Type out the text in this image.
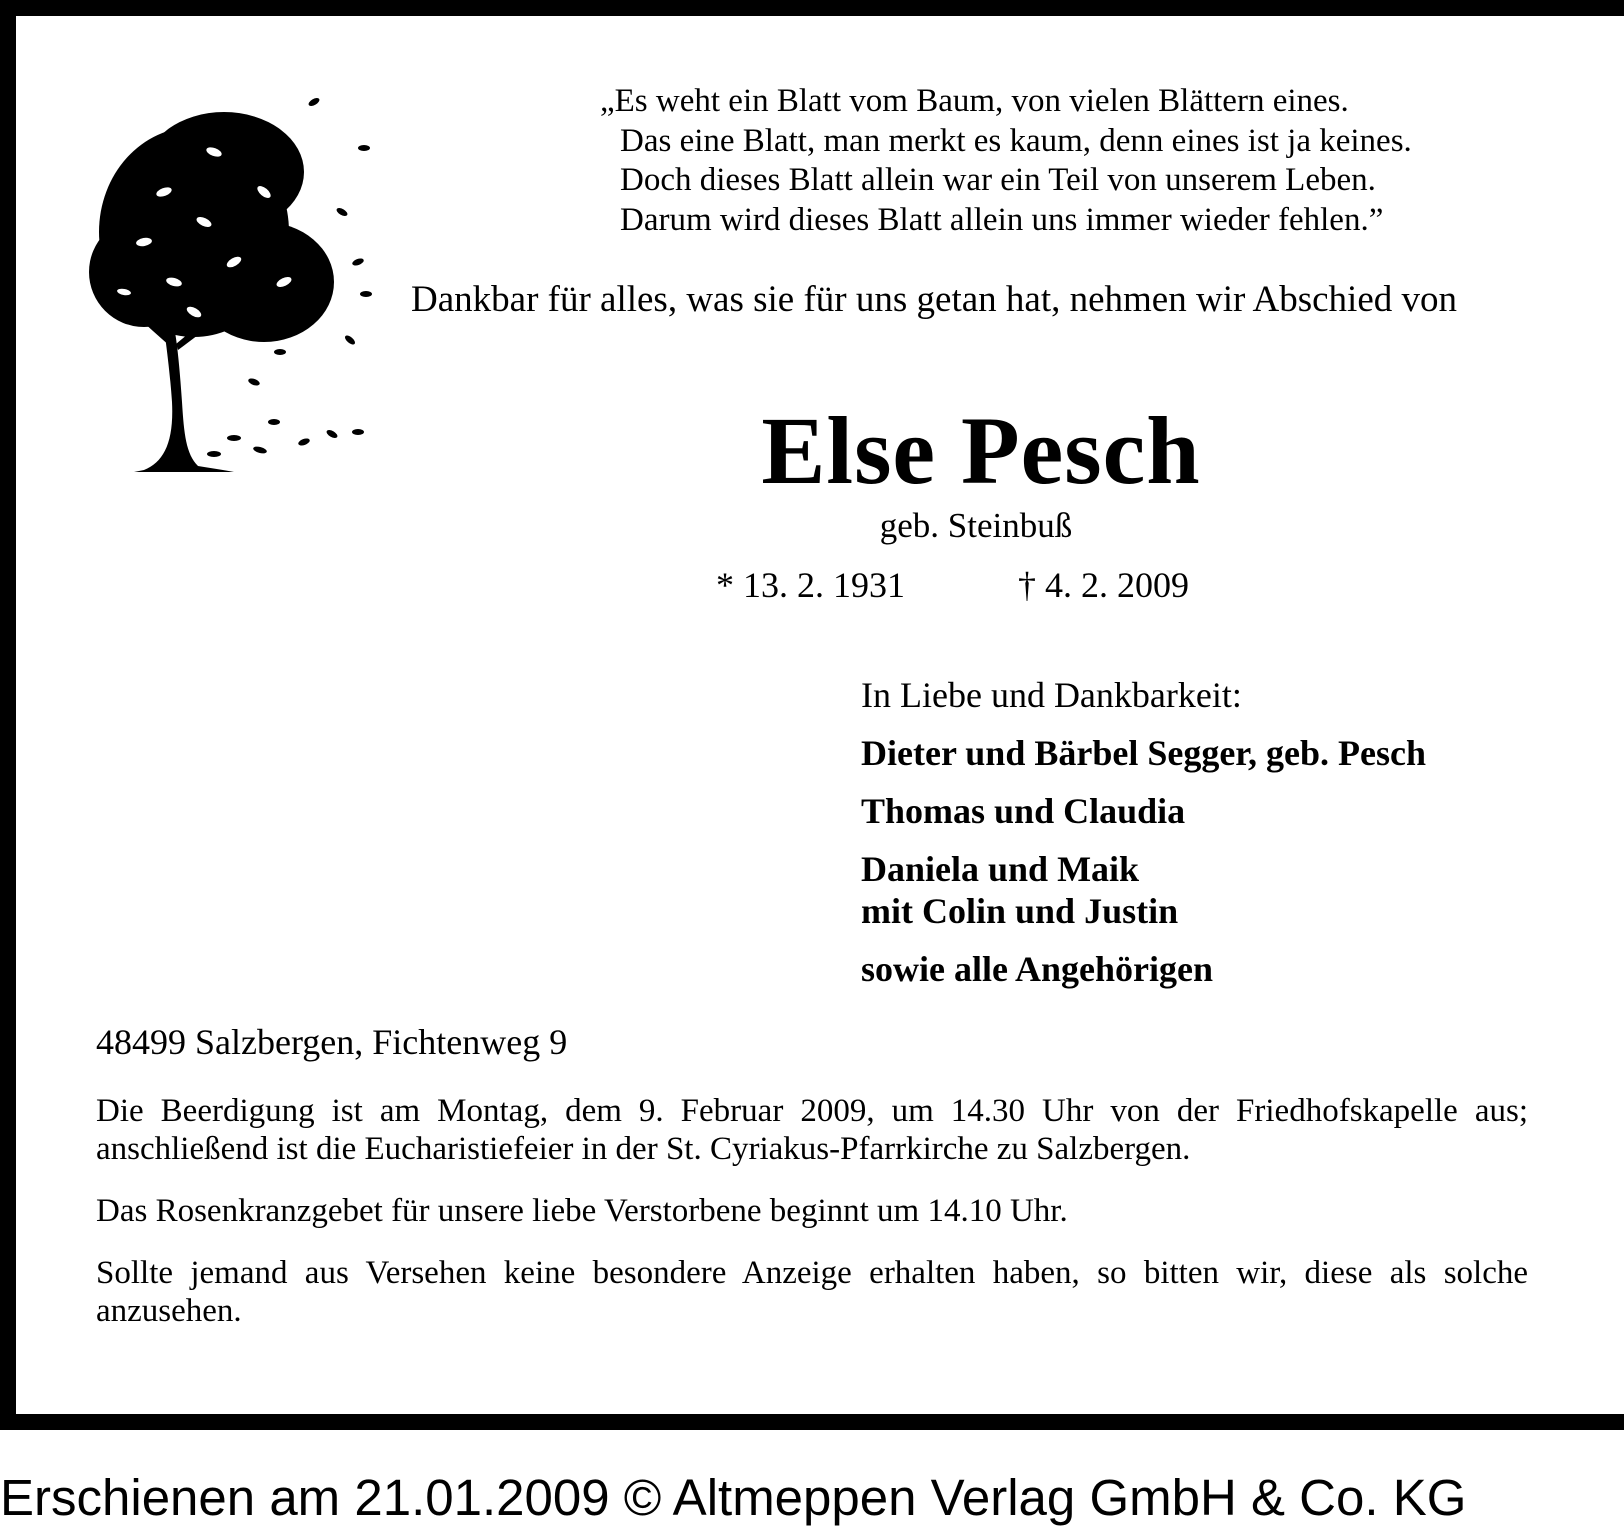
„Es weht ein Blatt vom Baum, von vielen Blättern eines.
Das eine Blatt, man merkt es kaum, denn eines ist ja keines.
Doch dieses Blatt allein war ein Teil von unserem Leben.
Darum wird dieses Blatt allein uns immer wieder fehlen.”
Dankbar für alles, was sie für uns getan hat, nehmen wir Abschied von
Else Pesch
geb. Steinbuß
* 13. 2. 1931	† 4. 2. 2009
In Liebe und Dankbarkeit:
Dieter und Bärbel Segger, geb. Pesch
Thomas und Claudia
Daniela und Maik
mit Colin und Justin
sowie alle Angehörigen
48499 Salzbergen, Fichtenweg 9
Die Beerdigung ist am Montag, dem 9. Februar 2009, um 14.30 Uhr von der Friedhofskapelle aus; anschließend ist die Eucharistiefeier in der St. Cyriakus-Pfarrkirche zu Salzbergen.
Das Rosenkranzgebet für unsere liebe Verstorbene beginnt um 14.10 Uhr.
Sollte jemand aus Versehen keine besondere Anzeige erhalten haben, so bitten wir, diese als solche anzusehen.
Erschienen am 21.01.2009 © Altmeppen Verlag GmbH & Co. KG
